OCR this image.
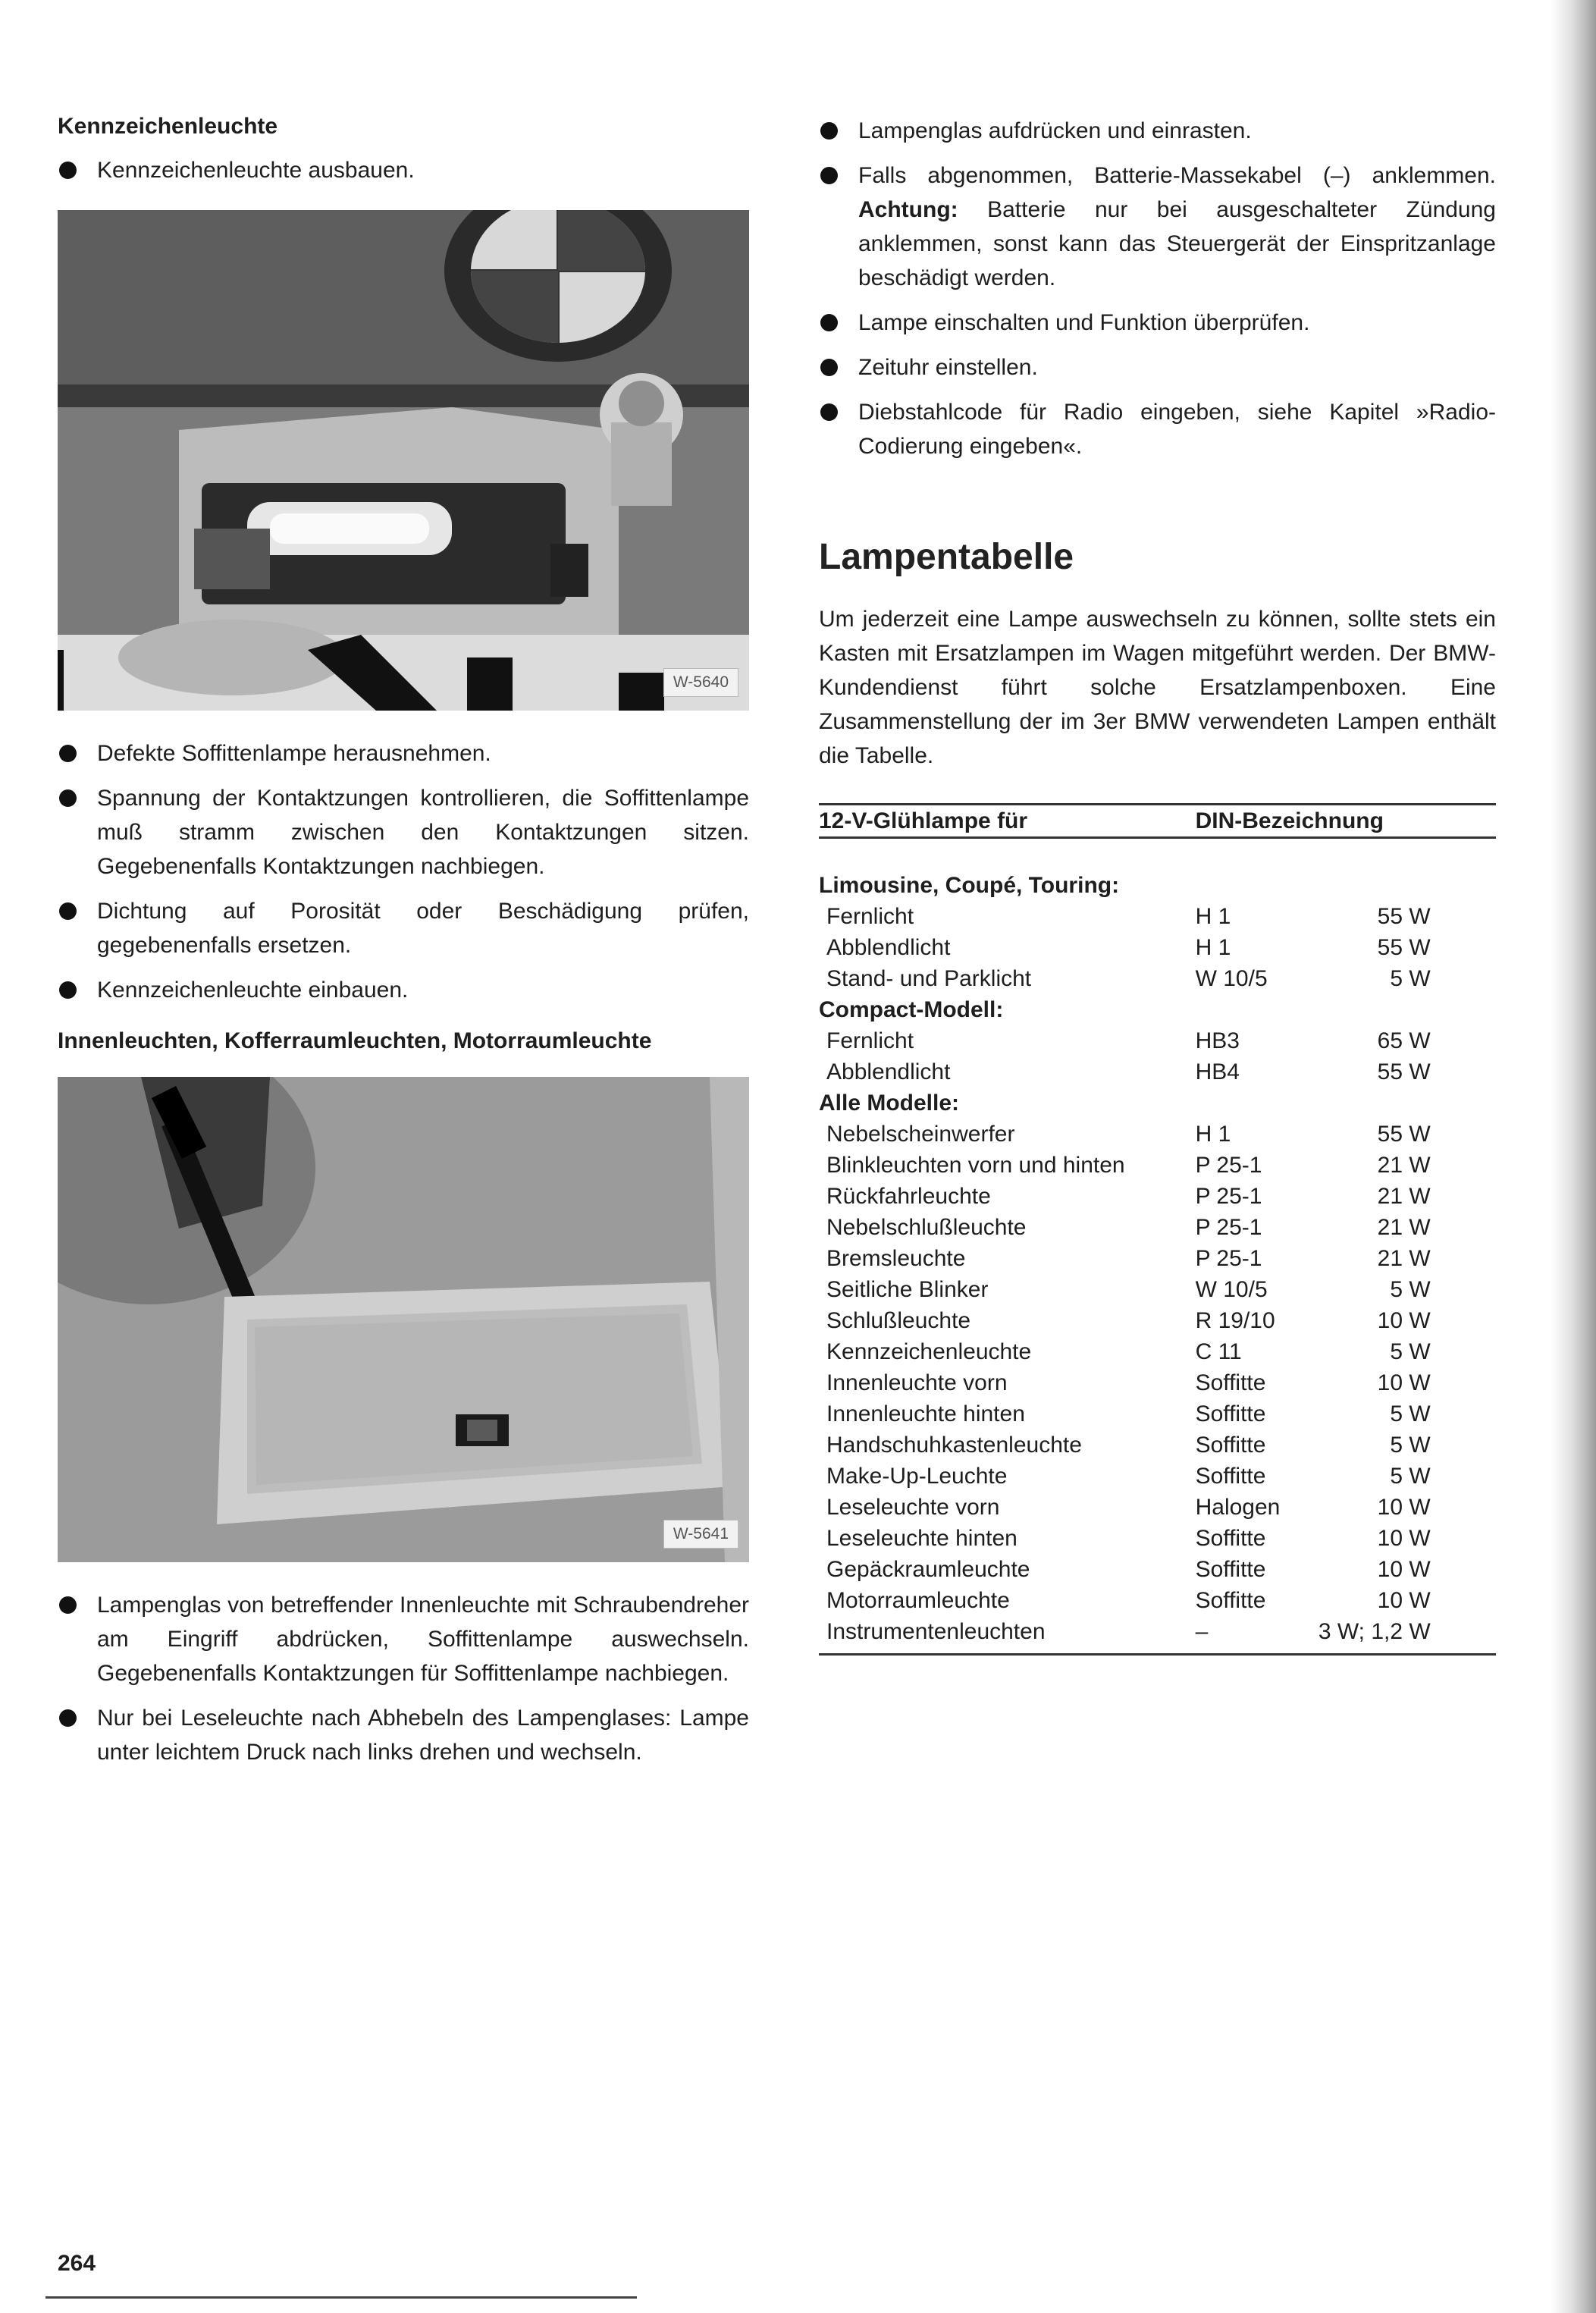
Kennzeichenleuchte
Kennzeichenleuchte ausbauen.
W-5640
Defekte Soffittenlampe herausnehmen.
Spannung der Kontaktzungen kontrollieren, die Soffittenlampe muß stramm zwischen den Kontaktzungen sitzen. Gegebenenfalls Kontaktzungen nachbiegen.
Dichtung auf Porosität oder Beschädigung prüfen, gegebenenfalls ersetzen.
Kennzeichenleuchte einbauen.
Innenleuchten, Kofferraumleuchten, Motorraumleuchte
W-5641
Lampenglas von betreffender Innenleuchte mit Schraubendreher am Eingriff abdrücken, Soffittenlampe auswechseln. Gegebenenfalls Kontaktzungen für Soffittenlampe nachbiegen.
Nur bei Leseleuchte nach Abhebeln des Lampenglases: Lampe unter leichtem Druck nach links drehen und wechseln.
Lampenglas aufdrücken und einrasten.
Falls abgenommen, Batterie-Massekabel (–) anklemmen. Achtung: Batterie nur bei ausgeschalteter Zündung anklemmen, sonst kann das Steuergerät der Einspritzanlage beschädigt werden.
Lampe einschalten und Funktion überprüfen.
Zeituhr einstellen.
Diebstahlcode für Radio eingeben, siehe Kapitel »Radio-Codierung eingeben«.
Lampentabelle
Um jederzeit eine Lampe auswechseln zu können, sollte stets ein Kasten mit Ersatzlampen im Wagen mitgeführt werden. Der BMW-Kundendienst führt solche Ersatzlampenboxen. Eine Zusammenstellung der im 3er BMW verwendeten Lampen enthält die Tabelle.
12-V-Glühlampe für	DIN-Bezeichnung		

Limousine, Coupé, Touring:			
Fernlicht	H 1	55 W	
Abblendlicht	H 1	55 W	
Stand- und Parklicht	W 10/5	5 W	
Compact-Modell:			
Fernlicht	HB3	65 W	
Abblendlicht	HB4	55 W	
Alle Modelle:			
Nebelscheinwerfer	H 1	55 W	
Blinkleuchten vorn und hinten	P 25-1	21 W	
Rückfahrleuchte	P 25-1	21 W	
Nebelschlußleuchte	P 25-1	21 W	
Bremsleuchte	P 25-1	21 W	
Seitliche Blinker	W 10/5	5 W	
Schlußleuchte	R 19/10	10 W	
Kennzeichenleuchte	C 11	5 W	
Innenleuchte vorn	Soffitte	10 W	
Innenleuchte hinten	Soffitte	5 W	
Handschuhkastenleuchte	Soffitte	5 W	
Make-Up-Leuchte	Soffitte	5 W	
Leseleuchte vorn	Halogen	10 W	
Leseleuchte hinten	Soffitte	10 W	
Gepäckraumleuchte	Soffitte	10 W	
Motorraumleuchte	Soffitte	10 W	
Instrumentenleuchten	–	3 W; 1,2 W	
264
